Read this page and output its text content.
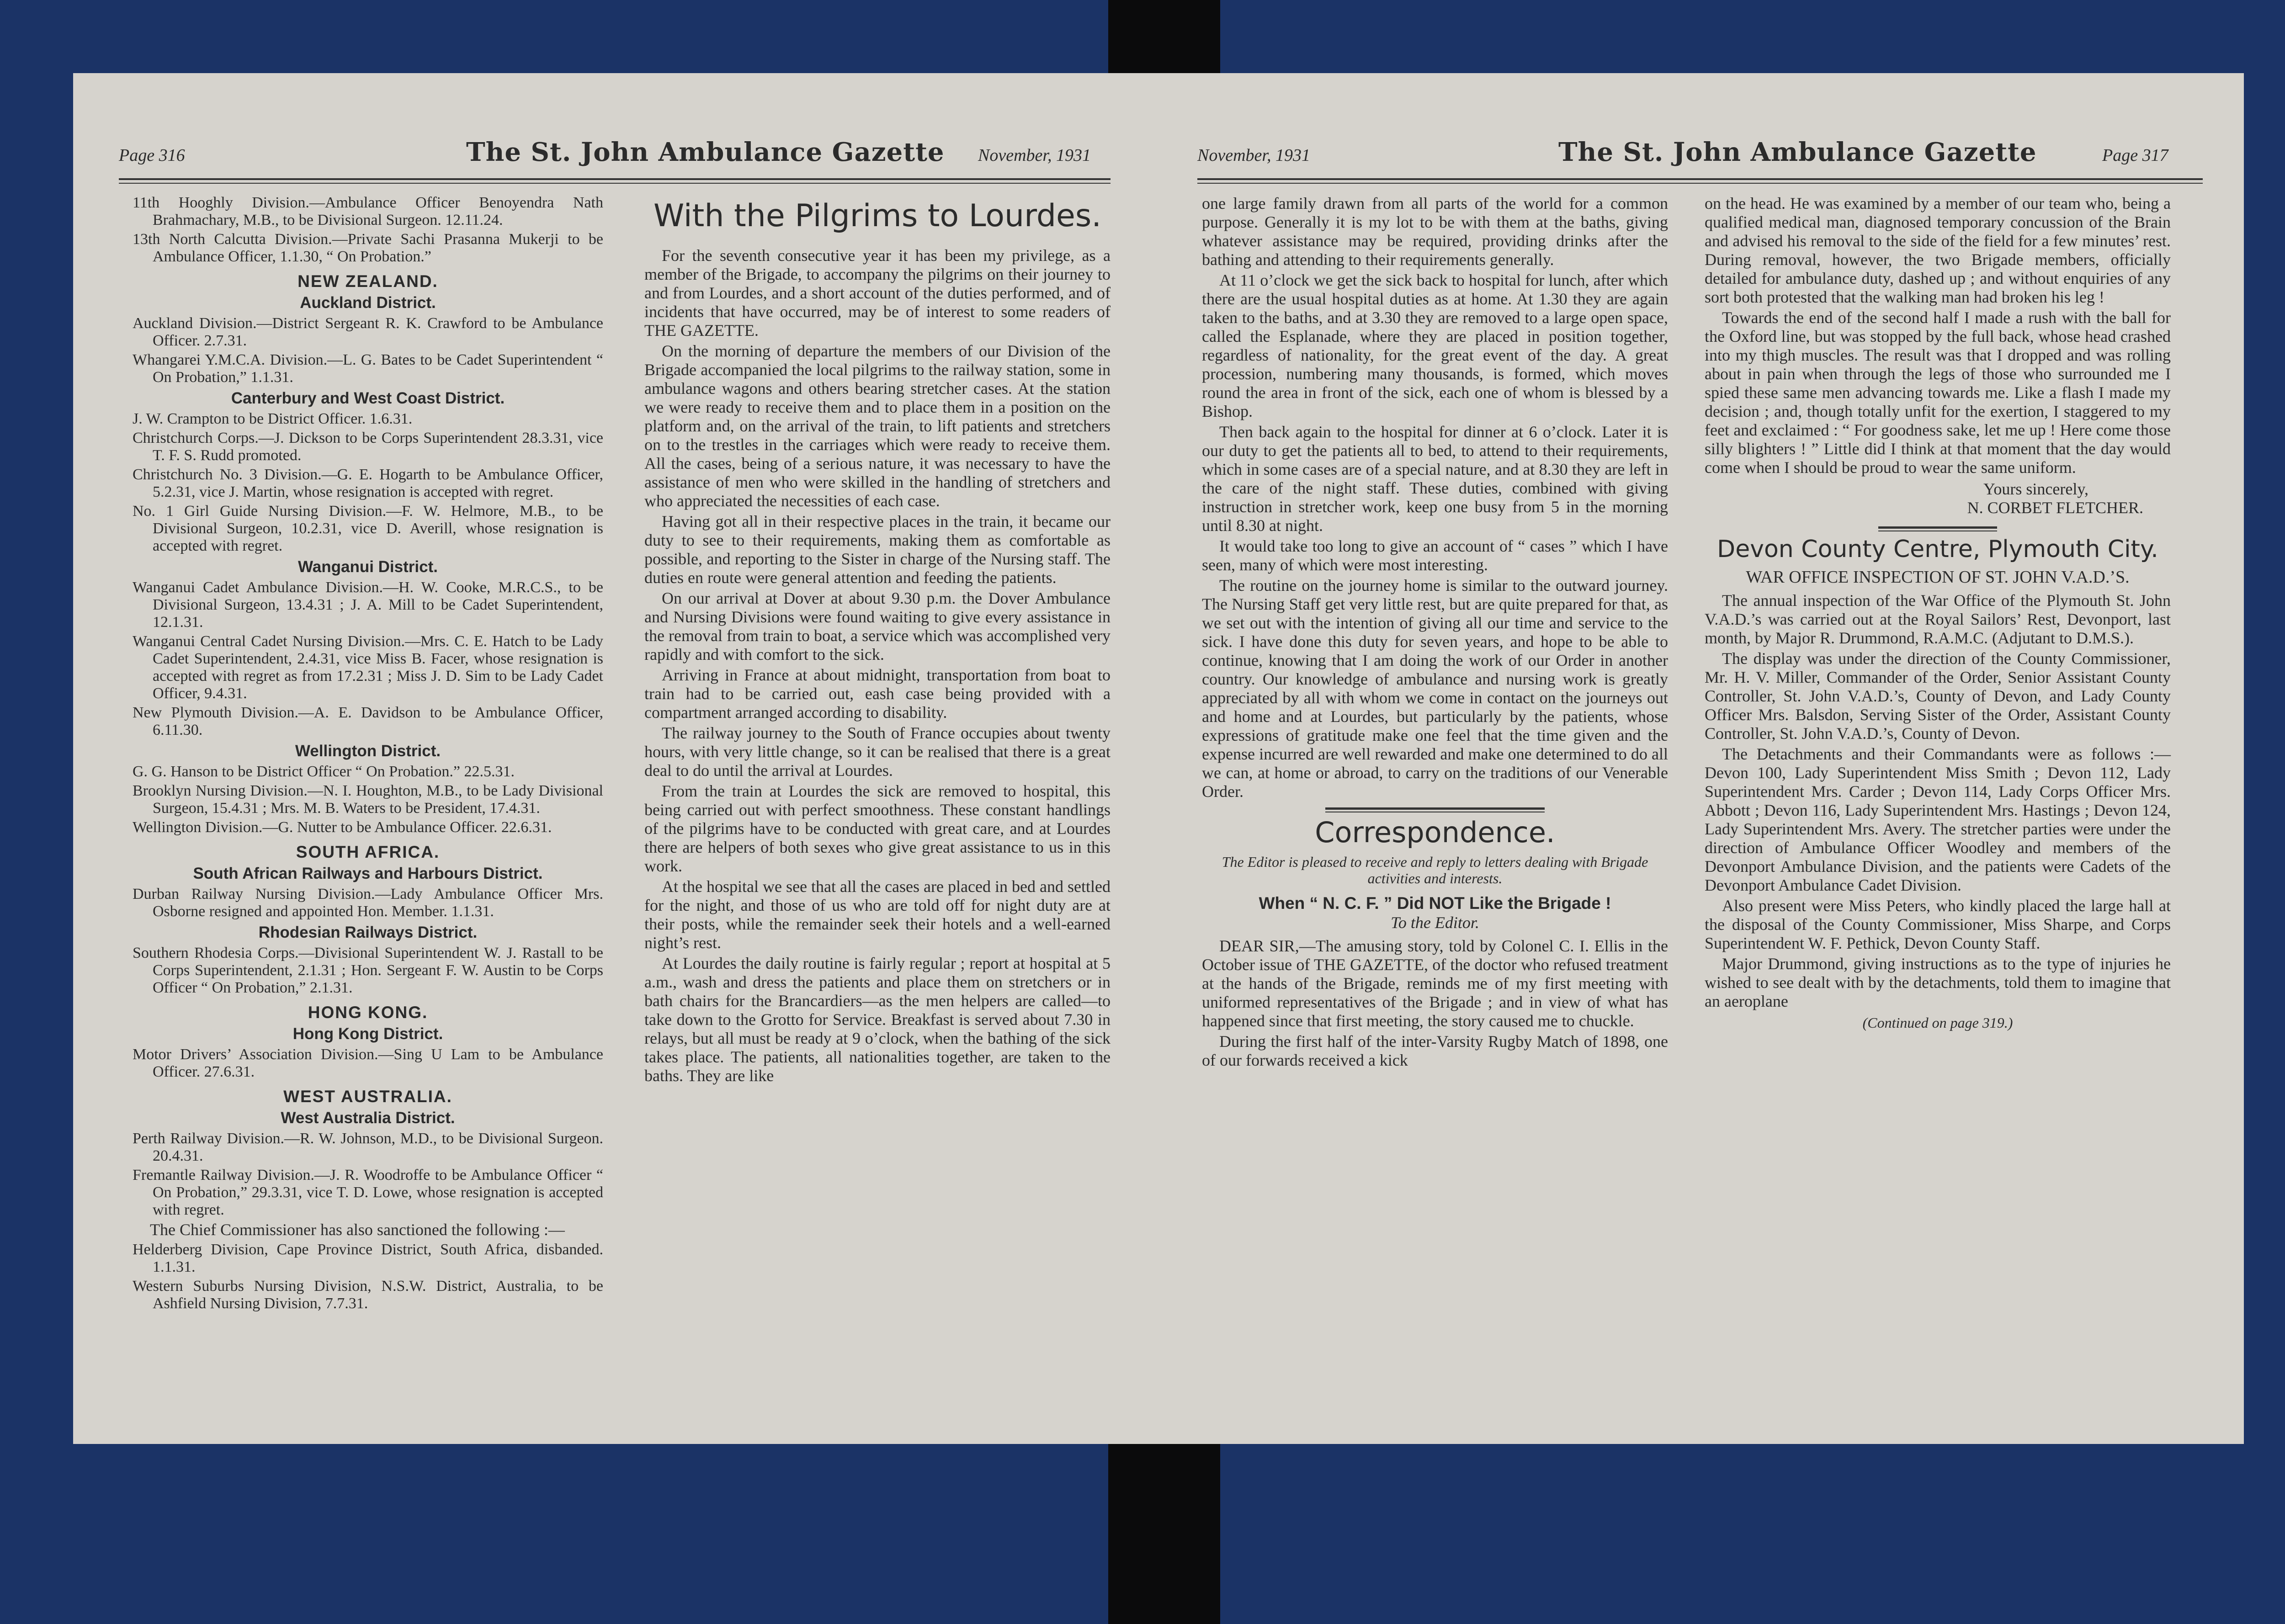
Page 316	The St. John Ambulance Gazette November, 1931

11th Hooghly Division.—Ambulance Officer Benoyendra Nath Brahmachary, M.B., to be Divisional Surgeon. 12.11.24.

13th North Calcutta Division.—Private Sachi Prasanna Mukerji to be Ambulance Officer, 1.1.30, “ On Probation.”

NEW ZEALAND.
Auckland District.

Auckland Division.—District Sergeant R. K. Crawford to be Ambulance Officer. 2.7.31.

Whangarei Y.M.C.A. Division.—L. G. Bates to be Cadet Superintendent “ On Probation,” 1.1.31.

Canterbury and West Coast District.

J. W. Crampton to be District Officer. 1.6.31.

Christchurch Corps.—J. Dickson to be Corps Superintendent 28.3.31, vice T. F. S. Rudd promoted.

Christchurch No. 3 Division.—G. E. Hogarth to be Ambulance Officer, 5.2.31, vice J. Martin, whose resignation is accepted with regret.

No. 1 Girl Guide Nursing Division.—F. W. Helmore, M.B., to be Divisional Surgeon, 10.2.31, vice D. Averill, whose resignation is accepted with regret.

Wanganui District.

Wanganui Cadet Ambulance Division.—H. W. Cooke, M.R.C.S., to be Divisional Surgeon, 13.4.31 ; J. A. Mill to be Cadet Superintendent, 12.1.31.

Wanganui Central Cadet Nursing Division.—Mrs. C. E. Hatch to be Lady Cadet Superintendent, 2.4.31, vice Miss B. Facer, whose resignation is accepted with regret as from 17.2.31 ; Miss J. D. Sim to be Lady Cadet Officer, 9.4.31.

New Plymouth Division.—A. E. Davidson to be Ambulance Officer, 6.11.30.

Wellington District.

G. G. Hanson to be District Officer “ On Probation.” 22.5.31.

Brooklyn Nursing Division.—N. I. Houghton, M.B., to be Lady Divisional Surgeon, 15.4.31 ; Mrs. M. B. Waters to be President, 17.4.31.

Wellington Division.—G. Nutter to be Ambulance Officer. 22.6.31.

SOUTH AFRICA.
South African Railways and Harbours District.

Durban Railway Nursing Division.—Lady Ambulance Officer Mrs. Osborne resigned and appointed Hon. Member. 1.1.31.

Rhodesian Railways District.

Southern Rhodesia Corps.—Divisional Superintendent W. J. Rastall to be Corps Superintendent, 2.1.31 ; Hon. Sergeant F. W. Austin to be Corps Officer “ On Probation,” 2.1.31.

HONG KONG.
Hong Kong District.

Motor Drivers’ Association Division.—Sing U Lam to be Ambulance Officer. 27.6.31.

WEST AUSTRALIA.
West Australia District.

Perth Railway Division.—R. W. Johnson, M.D., to be Divisional Surgeon. 20.4.31.

Fremantle Railway Division.—J. R. Woodroffe to be Ambulance Officer “ On Probation,” 29.3.31, vice T. D. Lowe, whose resignation is accepted with regret.

The Chief Commissioner has also sanctioned the following :—

Helderberg Division, Cape Province District, South Africa, disbanded. 1.1.31.

Western Suburbs Nursing Division, N.S.W. District, Australia, to be Ashfield Nursing Division, 7.7.31.

With the Pilgrims to Lourdes.

For the seventh consecutive year it has been my privilege, as a member of the Brigade, to accompany the pilgrims on their journey to and from Lourdes, and a short account of the duties performed, and of incidents that have occurred, may be of interest to some readers of THE GAZETTE.

On the morning of departure the members of our Division of the Brigade accompanied the local pilgrims to the railway station, some in ambulance wagons and others bearing stretcher cases. At the station we were ready to receive them and to place them in a position on the platform and, on the arrival of the train, to lift patients and stretchers on to the trestles in the carriages which were ready to receive them. All the cases, being of a serious nature, it was necessary to have the assistance of men who were skilled in the handling of stretchers and who appreciated the necessities of each case.

Having got all in their respective places in the train, it became our duty to see to their requirements, making them as comfortable as possible, and reporting to the Sister in charge of the Nursing staff. The duties en route were general attention and feeding the patients.

On our arrival at Dover at about 9.30 p.m. the Dover Ambulance and Nursing Divisions were found waiting to give every assistance in the removal from train to boat, a service which was accomplished very rapidly and with comfort to the sick.

Arriving in France at about midnight, transportation from boat to train had to be carried out, eash case being provided with a compartment arranged according to disability.

The railway journey to the South of France occupies about twenty hours, with very little change, so it can be realised that there is a great deal to do until the arrival at Lourdes.

From the train at Lourdes the sick are removed to hospital, this being carried out with perfect smoothness. These constant handlings of the pilgrims have to be conducted with great care, and at Lourdes there are helpers of both sexes who give great assistance to us in this work.

At the hospital we see that all the cases are placed in bed and settled for the night, and those of us who are told off for night duty are at their posts, while the remainder seek their hotels and a well-earned night’s rest.

At Lourdes the daily routine is fairly regular ; report at hospital at 5 a.m., wash and dress the patients and place them on stretchers or in bath chairs for the Brancardiers—as the men helpers are called—to take down to the Grotto for Service. Breakfast is served about 7.30 in relays, but all must be ready at 9 o’clock, when the bathing of the sick takes place. The patients, all nationalities together, are taken to the baths. They are like

November, 1931	The St. John Ambulance Gazette	Page 317

one large family drawn from all parts of the world for a common purpose. Generally it is my lot to be with them at the baths, giving whatever assistance may be required, providing drinks after the bathing and attending to their requirements generally.

At 11 o’clock we get the sick back to hospital for lunch, after which there are the usual hospital duties as at home. At 1.30 they are again taken to the baths, and at 3.30 they are removed to a large open space, called the Esplanade, where they are placed in position together, regardless of nationality, for the great event of the day. A great procession, numbering many thousands, is formed, which moves round the area in front of the sick, each one of whom is blessed by a Bishop.

Then back again to the hospital for dinner at 6 o’clock. Later it is our duty to get the patients all to bed, to attend to their requirements, which in some cases are of a special nature, and at 8.30 they are left in the care of the night staff. These duties, combined with giving instruction in stretcher work, keep one busy from 5 in the morning until 8.30 at night.

It would take too long to give an account of “ cases ” which I have seen, many of which were most interesting.

The routine on the journey home is similar to the outward journey. The Nursing Staff get very little rest, but are quite prepared for that, as we set out with the intention of giving all our time and service to the sick. I have done this duty for seven years, and hope to be able to continue, knowing that I am doing the work of our Order in another country. Our knowledge of ambulance and nursing work is greatly appreciated by all with whom we come in contact on the journeys out and home and at Lourdes, but particularly by the patients, whose expressions of gratitude make one feel that the time given and the expense incurred are well rewarded and make one determined to do all we can, at home or abroad, to carry on the traditions of our Venerable Order.

Correspondence.
The Editor is pleased to receive and reply to letters dealing with Brigade activities and interests.
When “ N. C. F. ” Did NOT Like the Brigade !
To the Editor.

DEAR SIR,—The amusing story, told by Colonel C. I. Ellis in the October issue of THE GAZETTE, of the doctor who refused treatment at the hands of the Brigade, reminds me of my first meeting with uniformed representatives of the Brigade ; and in view of what has happened since that first meeting, the story caused me to chuckle.

During the first half of the inter-Varsity Rugby Match of 1898, one of our forwards received a kick

on the head. He was examined by a member of our team who, being a qualified medical man, diagnosed temporary concussion of the Brain and advised his removal to the side of the field for a few minutes’ rest. During removal, however, the two Brigade members, officially detailed for ambulance duty, dashed up ; and without enquiries of any sort both protested that the walking man had broken his leg !

Towards the end of the second half I made a rush with the ball for the Oxford line, but was stopped by the full back, whose head crashed into my thigh muscles. The result was that I dropped and was rolling about in pain when through the legs of those who surrounded me I spied these same men advancing towards me. Like a flash I made my decision ; and, though totally unfit for the exertion, I staggered to my feet and exclaimed : “ For goodness sake, let me up ! Here come those silly blighters ! ” Little did I think at that moment that the day would come when I should be proud to wear the same uniform.

Yours sincerely,
N. CORBET FLETCHER.
Devon County Centre, Plymouth City.
WAR OFFICE INSPECTION OF ST. JOHN V.A.D.’S.

The annual inspection of the War Office of the Plymouth St. John V.A.D.’s was carried out at the Royal Sailors’ Rest, Devonport, last month, by Major R. Drummond, R.A.M.C. (Adjutant to D.M.S.).

The display was under the direction of the County Commissioner, Mr. H. V. Miller, Commander of the Order, Senior Assistant County Controller, St. John V.A.D.’s, County of Devon, and Lady County Officer Mrs. Balsdon, Serving Sister of the Order, Assistant County Controller, St. John V.A.D.’s, County of Devon.

The Detachments and their Commandants were as follows :—Devon 100, Lady Superintendent Miss Smith ; Devon 112, Lady Superintendent Mrs. Carder ; Devon 114, Lady Corps Officer Mrs. Abbott ; Devon 116, Lady Superintendent Mrs. Hastings ; Devon 124, Lady Superintendent Mrs. Avery. The stretcher parties were under the direction of Ambulance Officer Woodley and members of the Devonport Ambulance Division, and the patients were Cadets of the Devonport Ambulance Cadet Division.

Also present were Miss Peters, who kindly placed the large hall at the disposal of the County Commissioner, Miss Sharpe, and Corps Superintendent W. F. Pethick, Devon County Staff.

Major Drummond, giving instructions as to the type of injuries he wished to see dealt with by the detachments, told them to imagine that an aeroplane

(Continued on page 319.)
